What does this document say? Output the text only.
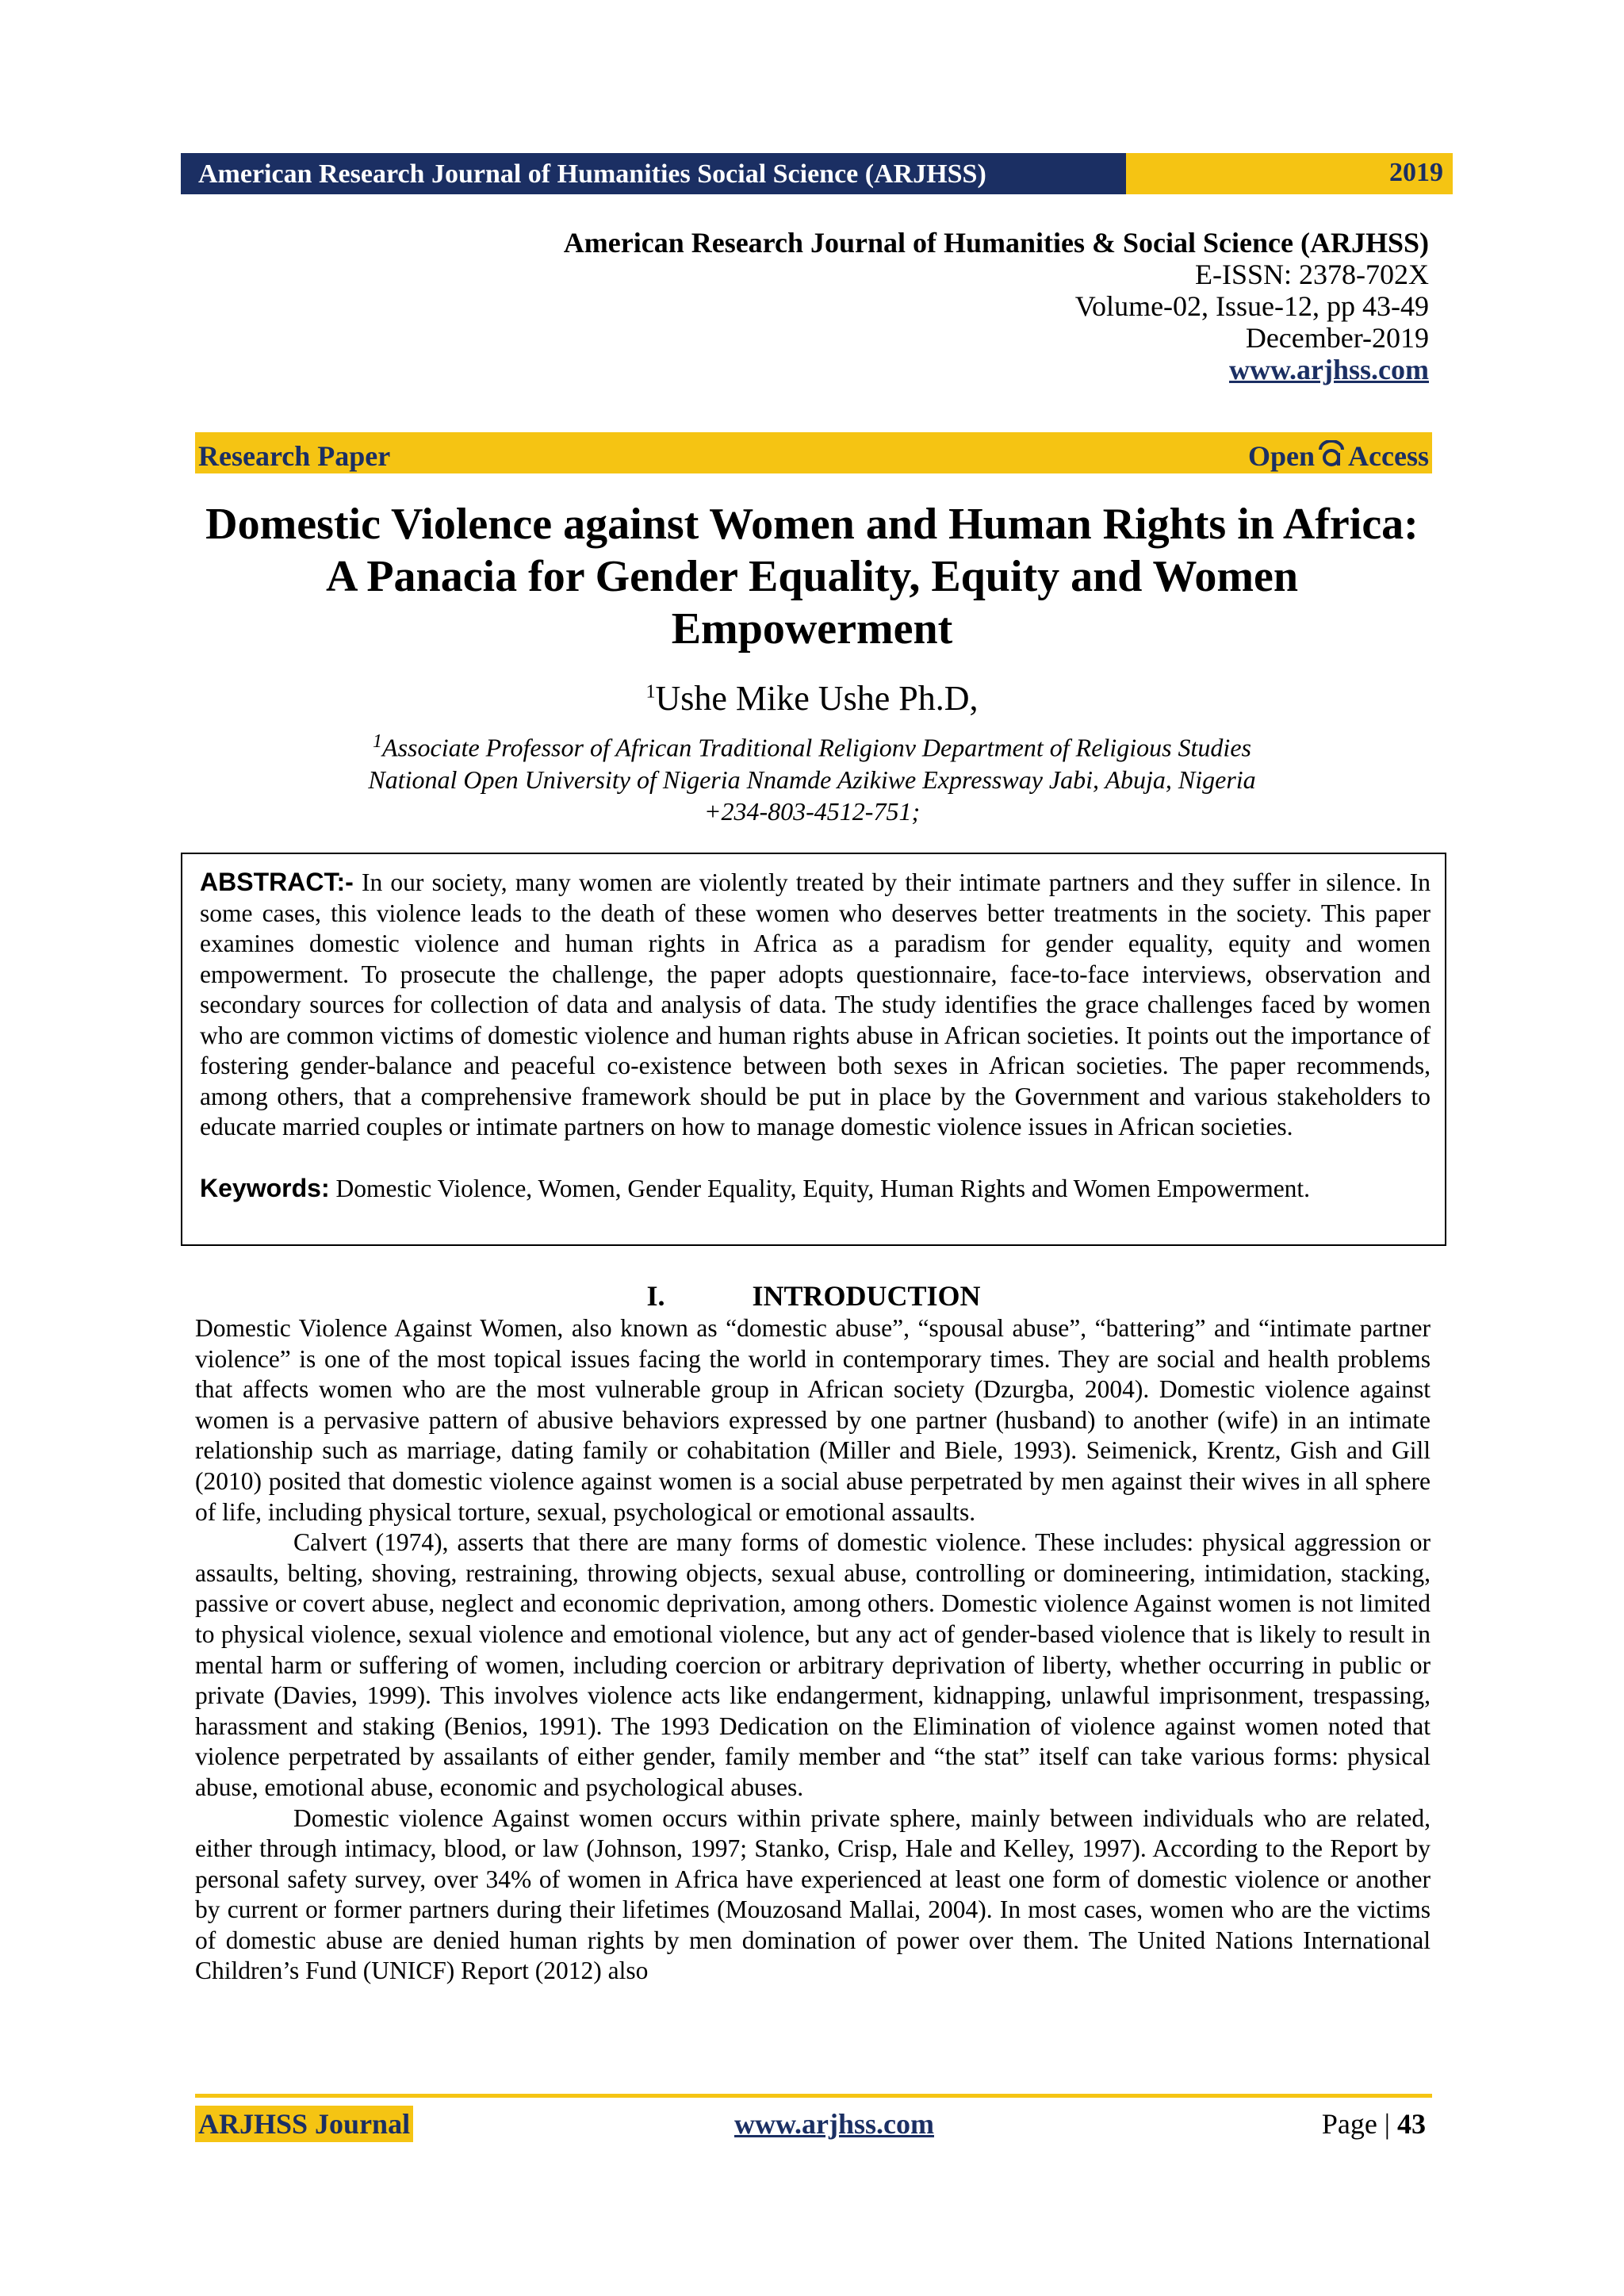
American Research Journal of Humanities Social Science (ARJHSS)	2019
American Research Journal of Humanities & Social Science (ARJHSS)
E-ISSN: 2378-702X
Volume-02, Issue-12, pp 43-49
December-2019
www.arjhss.com
Research Paper	Open Access
Domestic Violence against Women and Human Rights in Africa:
A Panacia for Gender Equality, Equity and Women
Empowerment
$^1$Ushe Mike Ushe Ph.D,
$^1$Associate Professor of African Traditional Religionv Department of Religious Studies
National Open University of Nigeria Nnamde Azikiwe Expressway Jabi, Abuja, Nigeria
+234-803-4512-751;

ABSTRACT:- In our society, many women are violently treated by their intimate partners and they suffer in silence. In some cases, this violence leads to the death of these women who deserves better treatments in the society. This paper examines domestic violence and human rights in Africa as a paradism for gender equality, equity and women empowerment. To prosecute the challenge, the paper adopts questionnaire, face-to-face interviews, observation and secondary sources for collection of data and analysis of data. The study identifies the grace challenges faced by women who are common victims of domestic violence and human rights abuse in African societies. It points out the importance of fostering gender-balance and peaceful co-existence between both sexes in African societies. The paper recommends, among others, that a comprehensive framework should be put in place by the Government and various stakeholders to educate married couples or intimate partners on how to manage domestic violence issues in African societies.

Keywords: Domestic Violence, Women, Gender Equality, Equity, Human Rights and Women Empowerment.

I.	INTRODUCTION

Domestic Violence Against Women, also known as “domestic abuse”, “spousal abuse”, “battering” and “intimate partner violence” is one of the most topical issues facing the world in contemporary times. They are social and health problems that affects women who are the most vulnerable group in African society (Dzurgba, 2004). Domestic violence against women is a pervasive pattern of abusive behaviors expressed by one partner (husband) to another (wife) in an intimate relationship such as marriage, dating family or cohabitation (Miller and Biele, 1993). Seimenick, Krentz, Gish and Gill (2010) posited that domestic violence against women is a social abuse perpetrated by men against their wives in all sphere of life, including physical torture, sexual, psychological or emotional assaults.

Calvert (1974), asserts that there are many forms of domestic violence. These includes: physical aggression or assaults, belting, shoving, restraining, throwing objects, sexual abuse, controlling or domineering, intimidation, stacking, passive or covert abuse, neglect and economic deprivation, among others. Domestic violence Against women is not limited to physical violence, sexual violence and emotional violence, but any act of gender-based violence that is likely to result in mental harm or suffering of women, including coercion or arbitrary deprivation of liberty, whether occurring in public or private (Davies, 1999). This involves violence acts like endangerment, kidnapping, unlawful imprisonment, trespassing, harassment and staking (Benios, 1991). The 1993 Dedication on the Elimination of violence against women noted that violence perpetrated by assailants of either gender, family member and “the stat” itself can take various forms: physical abuse, emotional abuse, economic and psychological abuses.

Domestic violence Against women occurs within private sphere, mainly between individuals who are related, either through intimacy, blood, or law (Johnson, 1997; Stanko, Crisp, Hale and Kelley, 1997). According to the Report by personal safety survey, over 34% of women in Africa have experienced at least one form of domestic violence or another by current or former partners during their lifetimes (Mouzosand Mallai, 2004). In most cases, women who are the victims of domestic abuse are denied human rights by men domination of power over them. The United Nations International Children’s Fund (UNICF) Report (2012) also

ARJHSS Journal	www.arjhss.com	Page | 43
